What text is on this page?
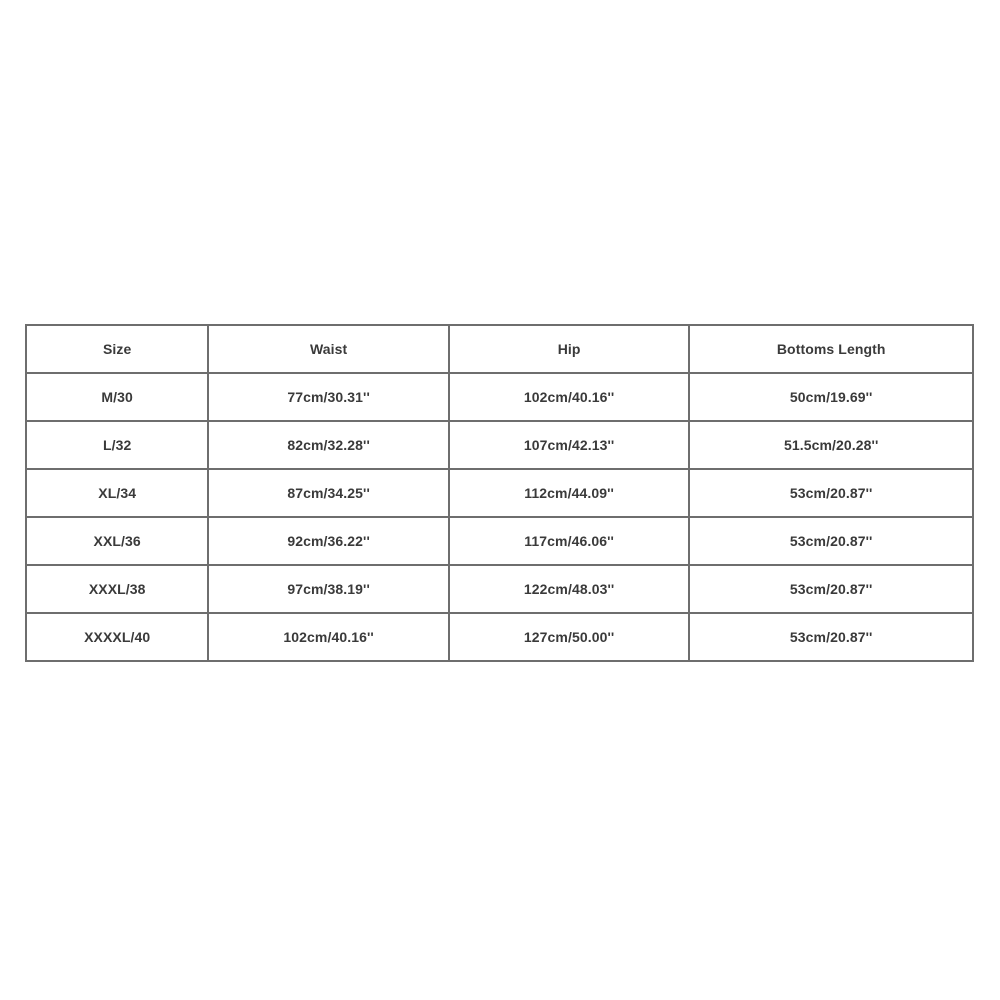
Size	Waist	Hip	Bottoms Length
M/30	77cm/30.31''	102cm/40.16''	50cm/19.69''
L/32	82cm/32.28''	107cm/42.13''	51.5cm/20.28''
XL/34	87cm/34.25''	112cm/44.09''	53cm/20.87''
XXL/36	92cm/36.22''	117cm/46.06''	53cm/20.87''
XXXL/38	97cm/38.19''	122cm/48.03''	53cm/20.87''
XXXXL/40	102cm/40.16''	127cm/50.00''	53cm/20.87''
